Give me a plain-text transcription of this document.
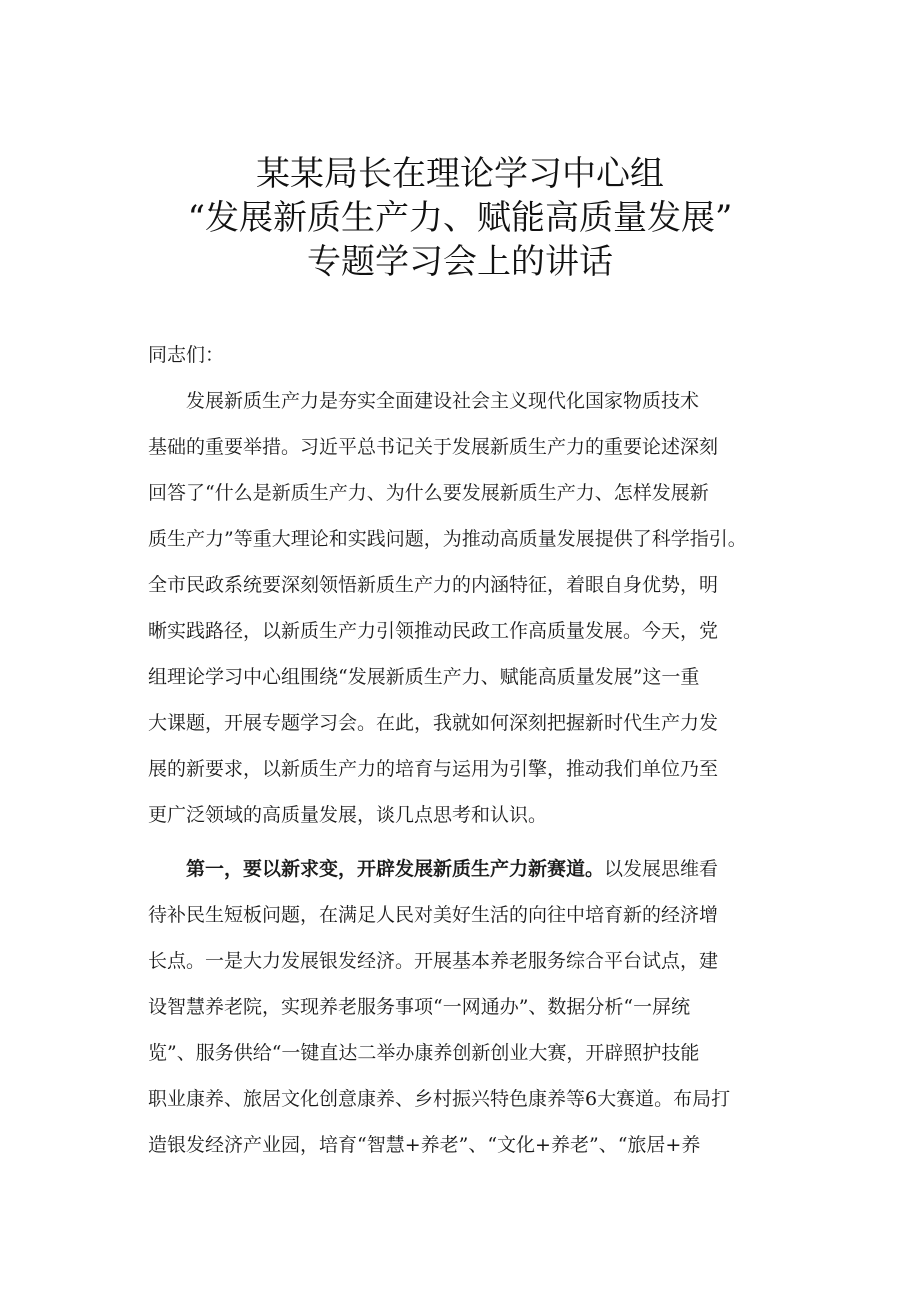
某某局长在理论学习中心组
“发展新质生产力、赋能高质量发展”
专题学习会上的讲话
同志们：
发展新质生产力是夯实全面建设社会主义现代化国家物质技术
基础的重要举措。习近平总书记关于发展新质生产力的重要论述深刻
回答了“什么是新质生产力、为什么要发展新质生产力、怎样发展新
质生产力”等重大理论和实践问题，为推动高质量发展提供了科学指引。
全市民政系统要深刻领悟新质生产力的内涵特征，着眼自身优势，明
晰实践路径，以新质生产力引领推动民政工作高质量发展。今天，党
组理论学习中心组围绕“发展新质生产力、赋能高质量发展”这一重
大课题，开展专题学习会。在此，我就如何深刻把握新时代生产力发
展的新要求，以新质生产力的培育与运用为引擎，推动我们单位乃至
更广泛领域的高质量发展，谈几点思考和认识。
第一，要以新求变，开辟发展新质生产力新赛道。以发展思维看
待补民生短板问题，在满足人民对美好生活的向往中培育新的经济增
长点。一是大力发展银发经济。开展基本养老服务综合平台试点，建
设智慧养老院，实现养老服务事项“一网通办”、数据分析“一屏统
览”、服务供给“一键直达二举办康养创新创业大赛，开辟照护技能
职业康养、旅居文化创意康养、乡村振兴特色康养等6大赛道。布局打
造银发经济产业园，培育“智慧+养老”、“文化+养老”、“旅居+养
